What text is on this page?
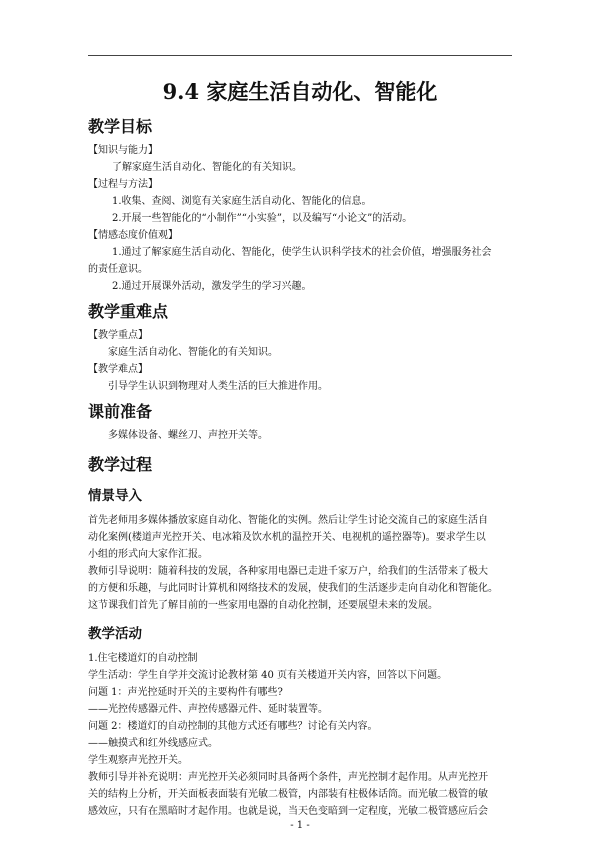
9.4 家庭生活自动化、智能化
教学目标

【知识与能力】

了解家庭生活自动化、智能化的有关知识。

【过程与方法】

1.收集、查阅、浏览有关家庭生活自动化、智能化的信息。

2.开展一些智能化的“小制作”“小实验”，以及编写“小论文”的活动。

【情感态度价值观】

1.通过了解家庭生活自动化、智能化，使学生认识科学技术的社会价值，增强服务社会

的责任意识。

2.通过开展课外活动，激发学生的学习兴趣。

教学重难点

【教学重点】

家庭生活自动化、智能化的有关知识。

【教学难点】

引导学生认识到物理对人类生活的巨大推进作用。

课前准备

多媒体设备、螺丝刀、声控开关等。

教学过程
情景导入

首先老师用多媒体播放家庭自动化、智能化的实例。然后让学生讨论交流自己的家庭生活自

动化案例(楼道声光控开关、电冰箱及饮水机的温控开关、电视机的遥控器等)。要求学生以

小组的形式向大家作汇报。

教师引导说明：随着科技的发展，各种家用电器已走进千家万户，给我们的生活带来了极大

的方便和乐趣，与此同时计算机和网络技术的发展，使我们的生活逐步走向自动化和智能化。

这节课我们首先了解目前的一些家用电器的自动化控制，还要展望未来的发展。

教学活动

1.住宅楼道灯的自动控制

学生活动：学生自学并交流讨论教材第 40 页有关楼道开关内容，回答以下问题。

问题 1：声光控延时开关的主要构件有哪些?

——光控传感器元件、声控传感器元件、延时装置等。

问题 2：楼道灯的自动控制的其他方式还有哪些？讨论有关内容。

——触摸式和红外线感应式。

学生观察声光控开关。

教师引导并补充说明：声光控开关必须同时具备两个条件，声光控制才起作用。从声光控开

关的结构上分析，开关面板表面装有光敏二极管，内部装有柱极体话筒。而光敏二极管的敏

感效应，只有在黑暗时才起作用。也就是说，当天色变暗到一定程度，光敏二极管感应后会

- 1 -
